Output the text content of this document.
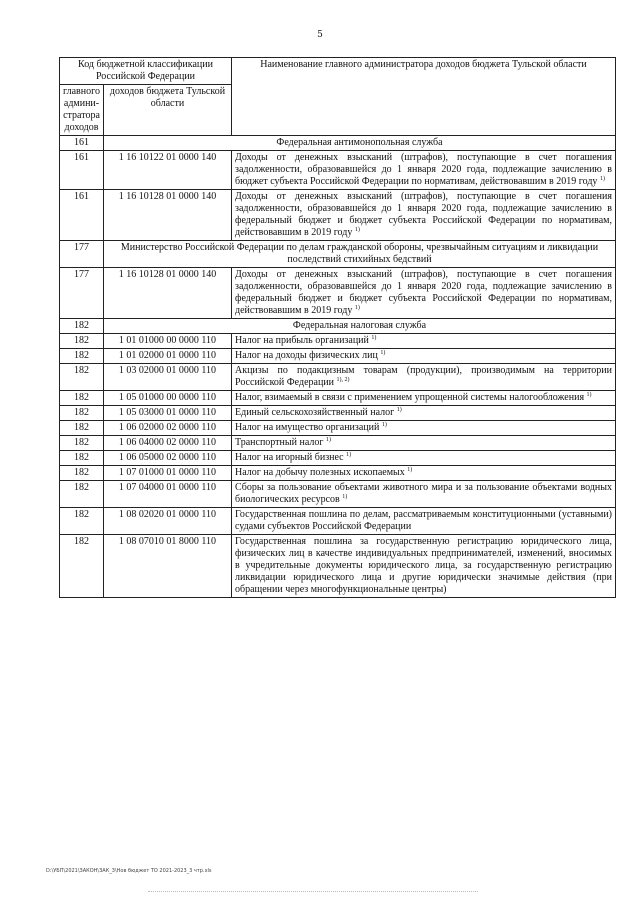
5
Код бюджетной классификации Российской Федерации		Наименование главного администратора доходов бюджета Тульской области
главного админи-стратора доходов	доходов бюджета Тульской области	
161	Федеральная антимонопольная служба	
161	1 16 10122 01 0000 140	Доходы от денежных взысканий (штрафов), поступающие в счет погашения задолженности, образовавшейся до 1 января 2020 года, подлежащие зачислению в бюджет субъекта Российской Федерации по нормативам, действовавшим в 2019 году $^{1)}$
161	1 16 10128 01 0000 140	Доходы от денежных взысканий (штрафов), поступающие в счет погашения задолженности, образовавшейся до 1 января 2020 года, подлежащие зачислению в федеральный бюджет и бюджет субъекта Российской Федерации по нормативам, действовавшим в 2019 году $^{1)}$
177	Министерство Российской Федерации по делам гражданской обороны, чрезвычайным ситуациям и ликвидации последствий стихийных бедствий	
177	1 16 10128 01 0000 140	Доходы от денежных взысканий (штрафов), поступающие в счет погашения задолженности, образовавшейся до 1 января 2020 года, подлежащие зачислению в федеральный бюджет и бюджет субъекта Российской Федерации по нормативам, действовавшим в 2019 году $^{1)}$
182	Федеральная налоговая служба	
182	1 01 01000 00 0000 110	Налог на прибыль организаций $^{1)}$
182	1 01 02000 01 0000 110	Налог на доходы физических лиц $^{1)}$
182	1 03 02000 01 0000 110	Акцизы по подакцизным товарам (продукции), производимым на территории Российской Федерации $^{1), 2)}$
182	1 05 01000 00 0000 110	Налог, взимаемый в связи с применением упрощенной системы налогообложения $^{1)}$
182	1 05 03000 01 0000 110	Единый сельскохозяйственный налог $^{1)}$
182	1 06 02000 02 0000 110	Налог на имущество организаций $^{1)}$
182	1 06 04000 02 0000 110	Транспортный налог $^{1)}$
182	1 06 05000 02 0000 110	Налог на игорный бизнес $^{1)}$
182	1 07 01000 01 0000 110	Налог на добычу полезных ископаемых $^{1)}$
182	1 07 04000 01 0000 110	Сборы за пользование объектами животного мира и за пользование объектами водных биологических ресурсов $^{1)}$
182	1 08 02020 01 0000 110	Государственная пошлина по делам, рассматриваемым конституционными (уставными) судами субъектов Российской Федерации
182	1 08 07010 01 8000 110	Государственная пошлина за государственную регистрацию юридического лица, физических лиц в качестве индивидуальных предпринимателей, изменений, вносимых в учредительные документы юридического лица, за государственную регистрацию ликвидации юридического лица и другие юридически значимые действия (при обращении через многофункциональные центры)
D:\УБП\2021\ЗАКОН\ЗАК_3\Нов бюджет ТО 2021-2023_3 чтр.xls
